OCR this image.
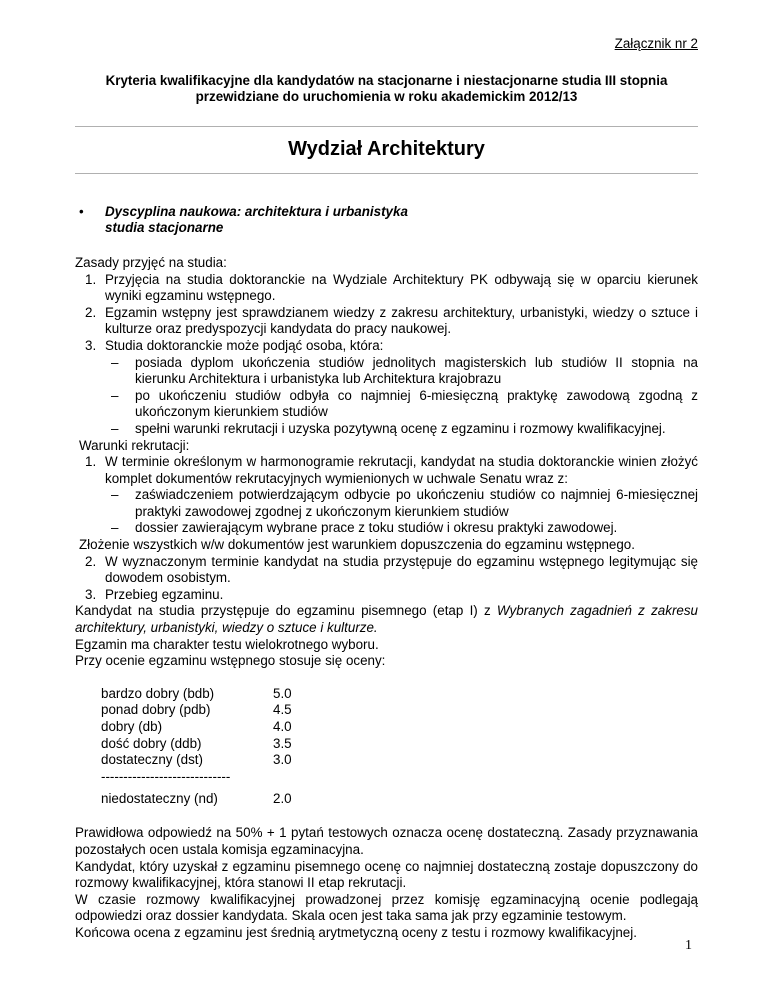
Załącznik nr 2

Kryteria kwalifikacyjne dla kandydatów na stacjonarne i niestacjonarne studia III stopnia przewidziane do uruchomienia w roku akademickim 2012/13

Wydział Architektury

• Dyscyplina naukowa: architektura i urbanistyka
studia stacjonarne

Zasady przyjęć na studia:

1. Przyjęcia na studia doktoranckie na Wydziale Architektury PK odbywają się w oparciu kierunek wyniki egzaminu wstępnego.
2. Egzamin wstępny jest sprawdzianem wiedzy z zakresu architektury, urbanistyki, wiedzy o sztuce i kulturze oraz predyspozycji kandydata do pracy naukowej.
3. Studia doktoranckie może podjąć osoba, która:
– posiada dyplom ukończenia studiów jednolitych magisterskich lub studiów II stopnia na kierunku Architektura i urbanistyka lub Architektura krajobrazu
– po ukończeniu studiów odbyła co najmniej 6-miesięczną praktykę zawodową zgodną z ukończonym kierunkiem studiów
– spełni warunki rekrutacji i uzyska pozytywną ocenę z egzaminu i rozmowy kwalifikacyjnej.

Warunki rekrutacji:

1. W terminie określonym w harmonogramie rekrutacji, kandydat na studia doktoranckie winien złożyć komplet dokumentów rekrutacyjnych wymienionych w uchwale Senatu wraz z:
– zaświadczeniem potwierdzającym odbycie po ukończeniu studiów co najmniej 6-miesięcznej praktyki zawodowej zgodnej z ukończonym kierunkiem studiów
– dossier zawierającym wybrane prace z toku studiów i okresu praktyki zawodowej.

Złożenie wszystkich w/w dokumentów jest warunkiem dopuszczenia do egzaminu wstępnego.

2. W wyznaczonym terminie kandydat na studia przystępuje do egzaminu wstępnego legitymując się dowodem osobistym.
3. Przebieg egzaminu.

Kandydat na studia przystępuje do egzaminu pisemnego (etap I) z Wybranych zagadnień z zakresu architektury, urbanistyki, wiedzy o sztuce i kulturze.

Egzamin ma charakter testu wielokrotnego wyboru.

Przy ocenie egzaminu wstępnego stosuje się oceny:

bardzo dobry (bdb)	5.0
ponad dobry (pdb)	4.5
dobry (db)	4.0
dość dobry (ddb)	3.5
dostateczny (dst)	3.0
-----------------------------	
niedostateczny (nd)	2.0

Prawidłowa odpowiedź na 50% + 1 pytań testowych oznacza ocenę dostateczną. Zasady przyznawania pozostałych ocen ustala komisja egzaminacyjna.

Kandydat, który uzyskał z egzaminu pisemnego ocenę co najmniej dostateczną zostaje dopuszczony do rozmowy kwalifikacyjnej, która stanowi II etap rekrutacji.

W czasie rozmowy kwalifikacyjnej prowadzonej przez komisję egzaminacyjną ocenie podlegają odpowiedzi oraz dossier kandydata. Skala ocen jest taka sama jak przy egzaminie testowym.

Końcowa ocena z egzaminu jest średnią arytmetyczną oceny z testu i rozmowy kwalifikacyjnej.

1
